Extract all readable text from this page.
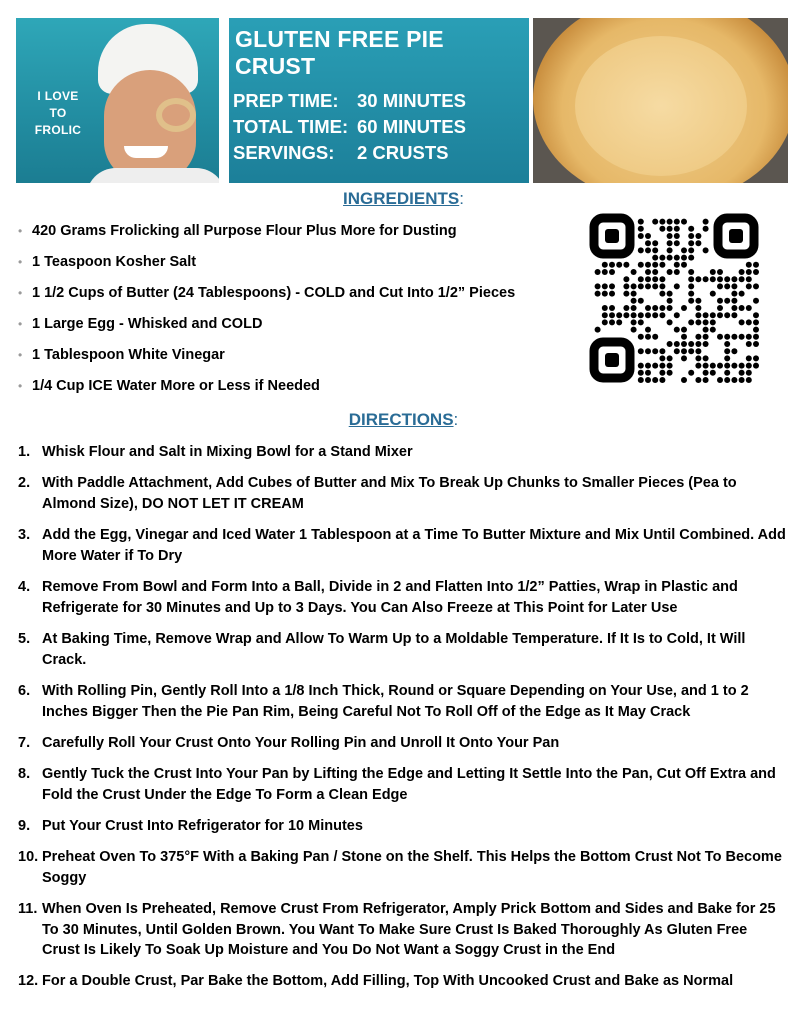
I LOVE TO FROLIC
GLUTEN FREE PIE CRUST
PREP TIME: 30 MINUTES
TOTAL TIME: 60 MINUTES
SERVINGS: 2 CRUSTS
INGREDIENTS:
• 420 Grams Frolicking all Purpose Flour Plus More for Dusting
• 1 Teaspoon Kosher Salt
• 1 1/2 Cups of Butter (24 Tablespoons) - COLD and Cut Into 1/2” Pieces
• 1 Large Egg - Whisked and COLD
• 1 Tablespoon White Vinegar
• 1/4 Cup ICE Water More or Less if Needed
DIRECTIONS:
1. Whisk Flour and Salt in Mixing Bowl for a Stand Mixer
2. With Paddle Attachment, Add Cubes of Butter and Mix To Break Up Chunks to Smaller Pieces (Pea to Almond Size), DO NOT LET IT CREAM
3. Add the Egg, Vinegar and Iced Water 1 Tablespoon at a Time To Butter Mixture and Mix Until Combined. Add More Water if To Dry
4. Remove From Bowl and Form Into a Ball, Divide in 2 and Flatten Into 1/2” Patties, Wrap in Plastic and Refrigerate for 30 Minutes and Up to 3 Days. You Can Also Freeze at This Point for Later Use
5. At Baking Time, Remove Wrap and Allow To Warm Up to a Moldable Temperature. If It Is to Cold, It Will Crack.
6. With Rolling Pin, Gently Roll Into a 1/8 Inch Thick, Round or Square Depending on Your Use, and 1 to 2 Inches Bigger Then the Pie Pan Rim, Being Careful Not To Roll Off of the Edge as It May Crack
7. Carefully Roll Your Crust Onto Your Rolling Pin and Unroll It Onto Your Pan
8. Gently Tuck the Crust Into Your Pan by Lifting the Edge and Letting It Settle Into the Pan, Cut Off Extra and Fold the Crust Under the Edge To Form a Clean Edge
9. Put Your Crust Into Refrigerator for 10 Minutes
10. Preheat Oven To 375°F With a Baking Pan / Stone on the Shelf. This Helps the Bottom Crust Not To Become Soggy
11. When Oven Is Preheated, Remove Crust From Refrigerator, Amply Prick Bottom and Sides and Bake for 25 To 30 Minutes, Until Golden Brown. You Want To Make Sure Crust Is Baked Thoroughly As Gluten Free Crust Is Likely To Soak Up Moisture and You Do Not Want a Soggy Crust in the End
12. For a Double Crust, Par Bake the Bottom, Add Filling, Top With Uncooked Crust and Bake as Normal
